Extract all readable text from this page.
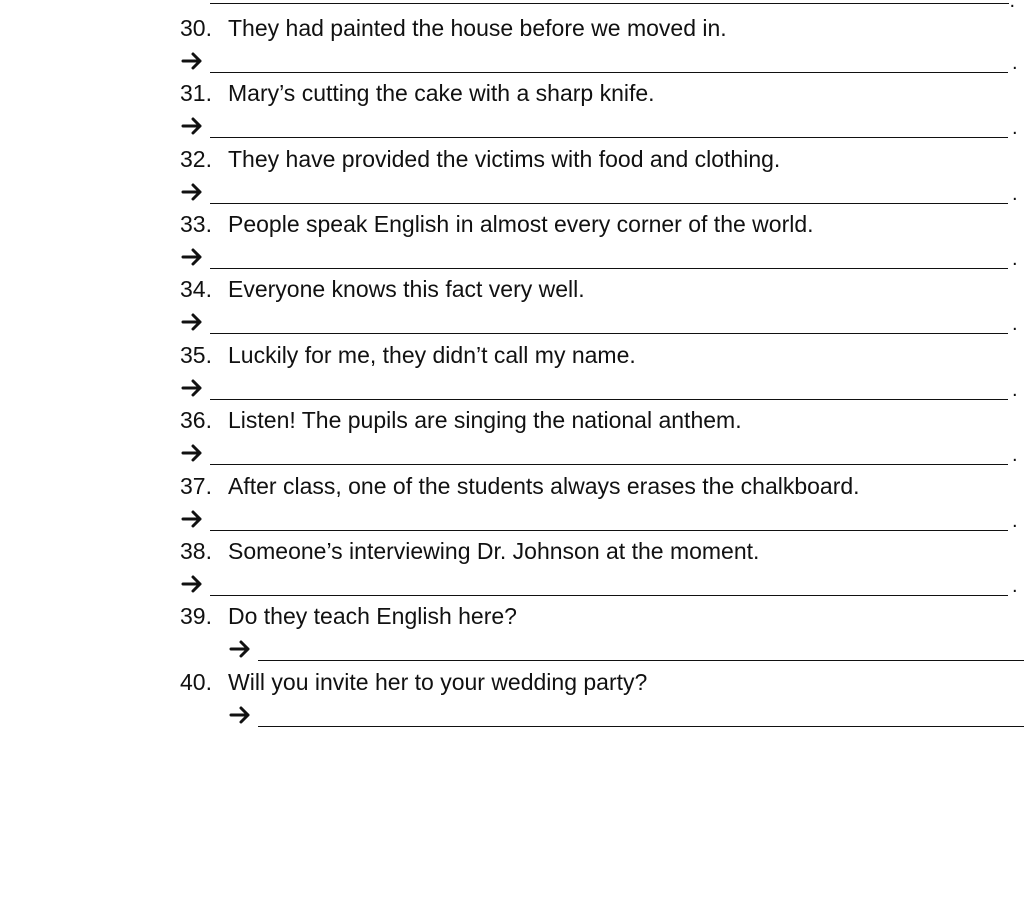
.
30. They had painted the house before we moved in.
.
31. Mary’s cutting the cake with a sharp knife.
.
32. They have provided the victims with food and clothing.
.
33. People speak English in almost every corner of the world.
.
34. Everyone knows this fact very well.
.
35. Luckily for me, they didn’t call my name.
.
36. Listen! The pupils are singing the national anthem.
.
37. After class, one of the students always erases the chalkboard.
.
38. Someone’s interviewing Dr. Johnson at the moment.
.
39. Do they teach English here?
40. Will you invite her to your wedding party?
